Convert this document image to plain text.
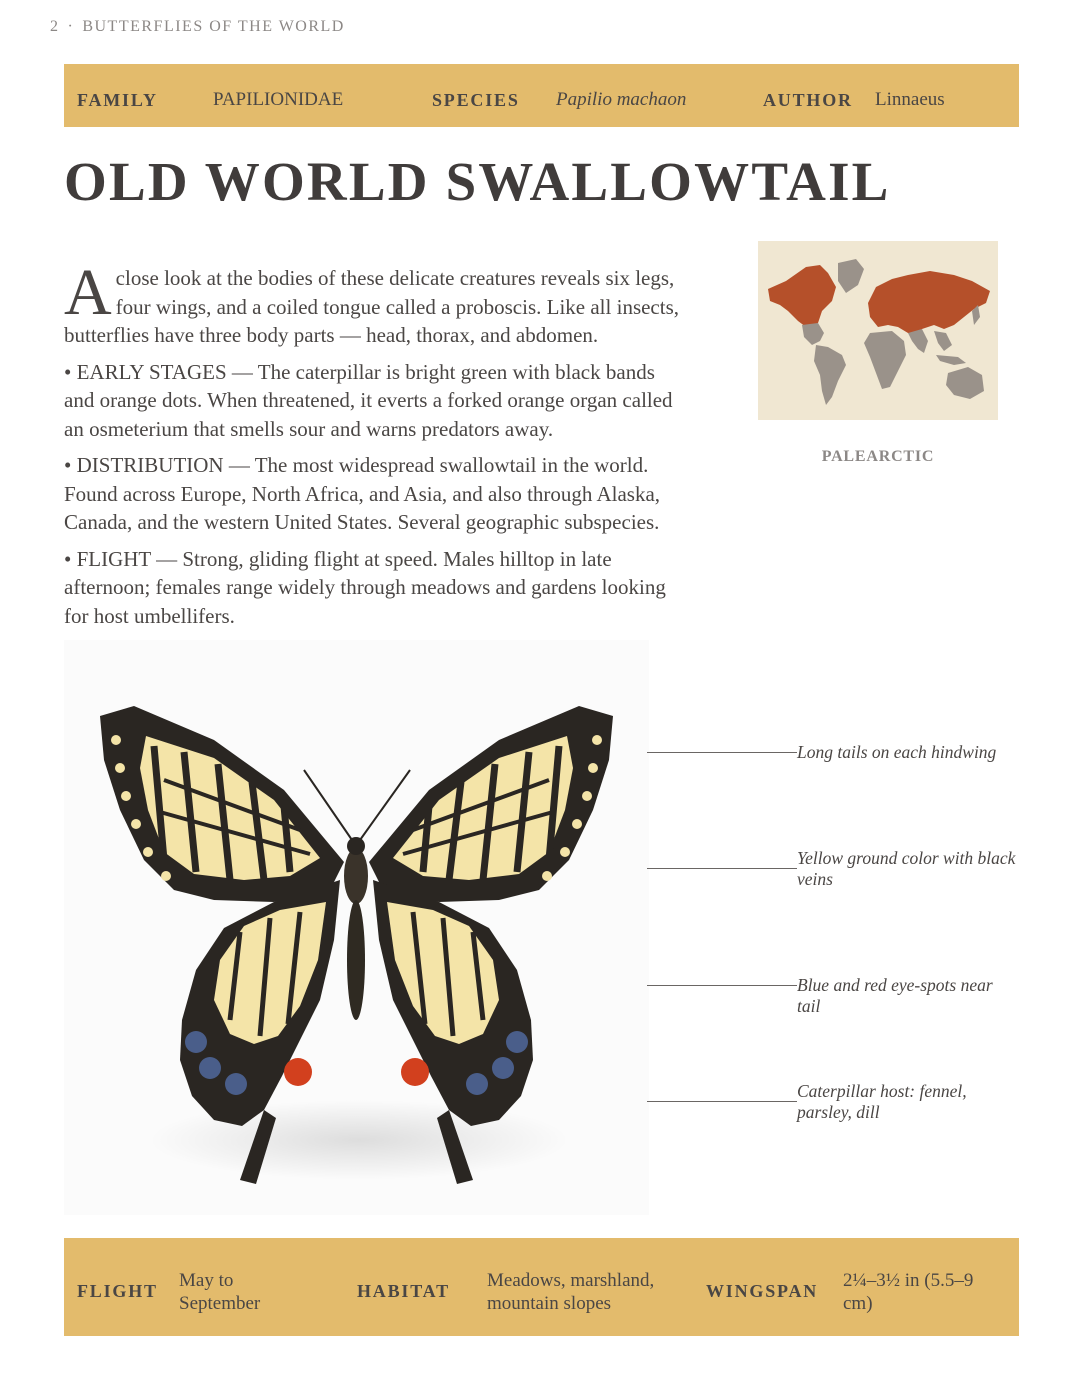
2 · BUTTERFLIES OF THE WORLD
FAMILY	PAPILIONIDAE	SPECIES Papilio machaon	AUTHOR Linnaeus
OLD WORLD SWALLOWTAIL

Aclose look at the bodies of these delicate creatures reveals six legs, four wings, and a coiled tongue called a proboscis. Like all insects, butterflies have three body parts — head, thorax, and abdomen.

• EARLY STAGES — The caterpillar is bright green with black bands and orange dots. When threatened, it everts a forked orange organ called an osmeterium that smells sour and warns predators away.

• DISTRIBUTION — The most widespread swallowtail in the world. Found across Europe, North Africa, and Asia, and also through Alaska, Canada, and the western United States. Several geographic subspecies.

• FLIGHT — Strong, gliding flight at speed. Males hilltop in late afternoon; females range widely through meadows and gardens looking for host umbellifers.

PALEARCTIC
Long tails on each hindwing
Yellow ground color with black veins
Blue and red eye-spots near tail
Caterpillar host: fennel, parsley, dill
FLIGHT May to September
HABITAT Meadows, marshland, mountain slopes
WINGSPAN 2¼–3½ in (5.5–9 cm)
